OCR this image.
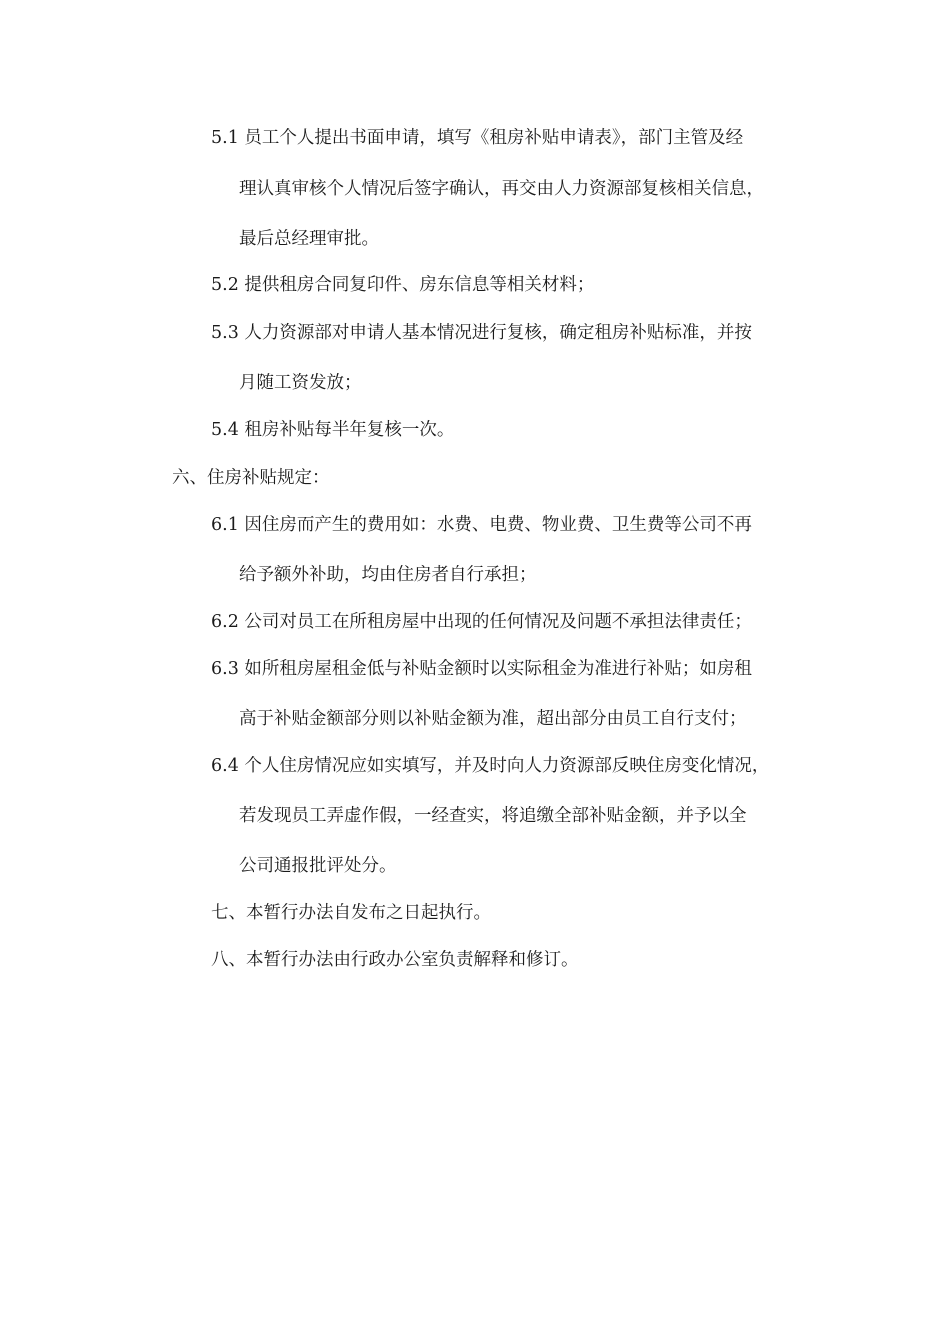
5.1 员工个人提出书面申请，填写《租房补贴申请表》，部门主管及经
理认真审核个人情况后签字确认，再交由人力资源部复核相关信息，
最后总经理审批。
5.2 提供租房合同复印件、房东信息等相关材料；
5.3 人力资源部对申请人基本情况进行复核，确定租房补贴标准，并按
月随工资发放；
5.4 租房补贴每半年复核一次。
六、住房补贴规定：
6.1 因住房而产生的费用如：水费、电费、物业费、卫生费等公司不再
给予额外补助，均由住房者自行承担；
6.2 公司对员工在所租房屋中出现的任何情况及问题不承担法律责任；
6.3 如所租房屋租金低与补贴金额时以实际租金为准进行补贴；如房租
高于补贴金额部分则以补贴金额为准，超出部分由员工自行支付；
6.4 个人住房情况应如实填写，并及时向人力资源部反映住房变化情况，
若发现员工弄虚作假，一经查实，将追缴全部补贴金额，并予以全
公司通报批评处分。
七、本暂行办法自发布之日起执行。
八、本暂行办法由行政办公室负责解释和修订。
